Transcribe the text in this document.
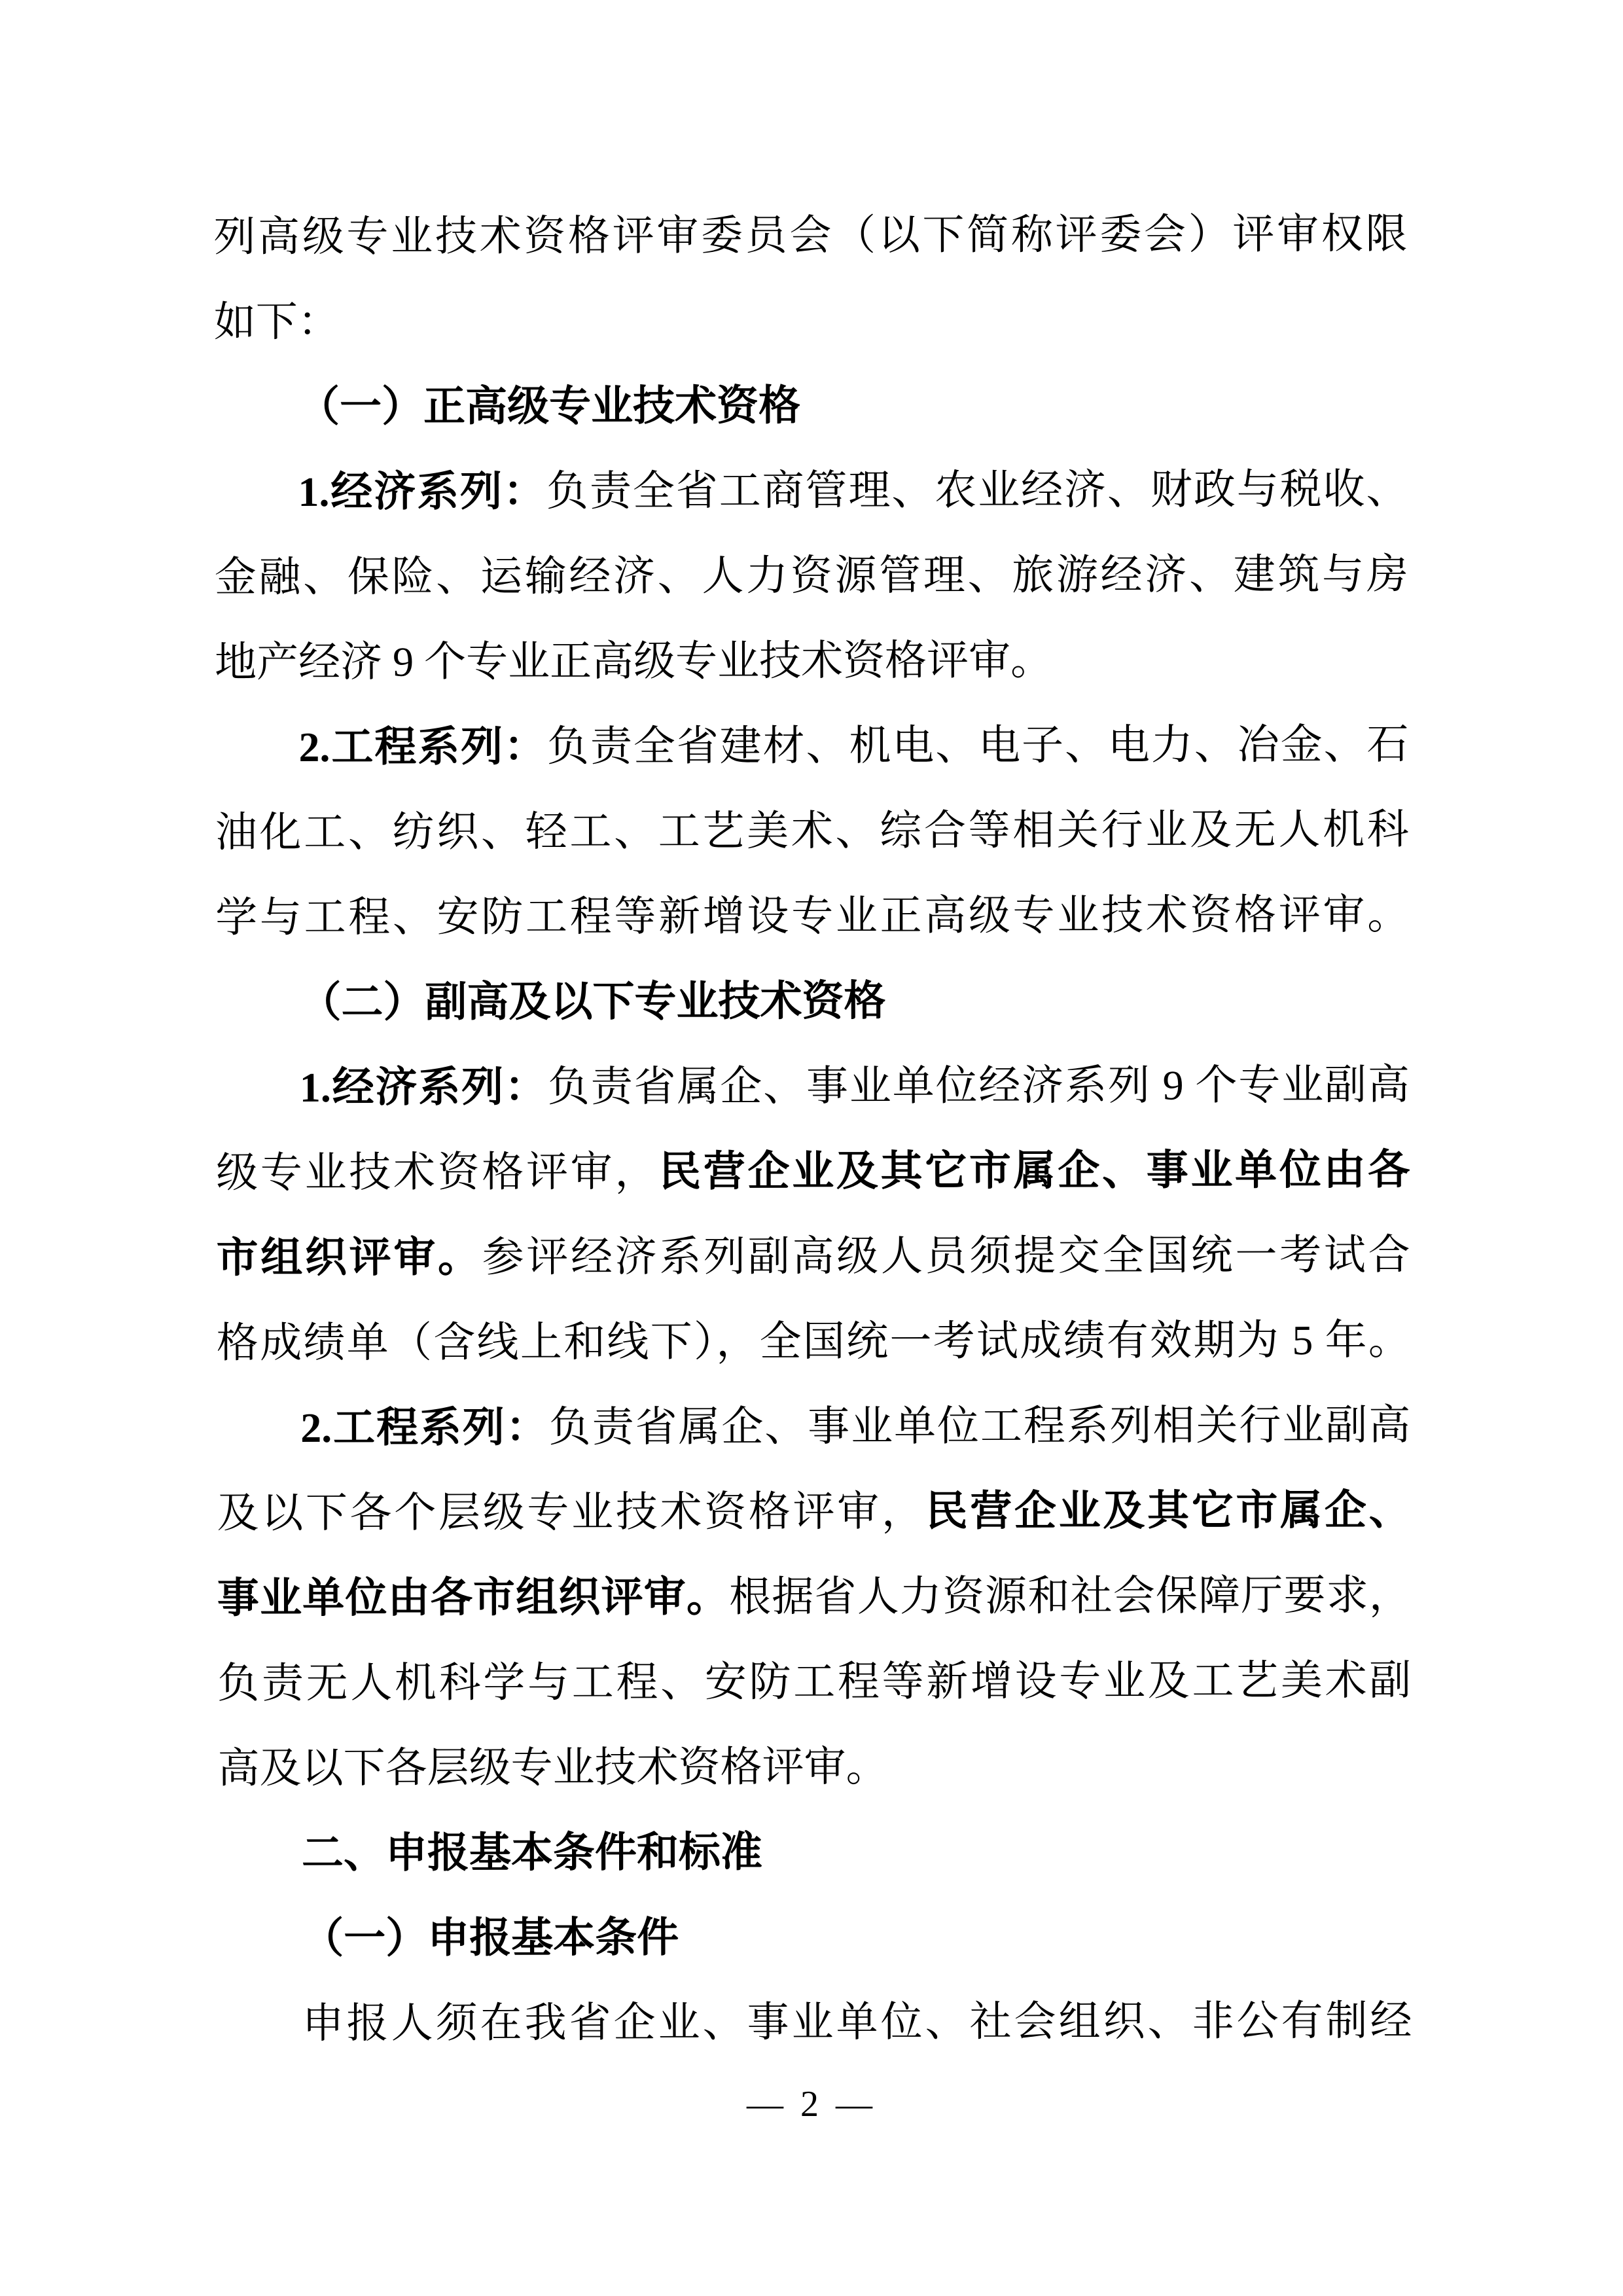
列高级专业技术资格评审委员会（以下简称评委会）评审权限
如下：
（一）正高级专业技术资格
1.经济系列：负责全省工商管理、农业经济、财政与税收、
金融、保险、运输经济、人力资源管理、旅游经济、建筑与房
地产经济 9 个专业正高级专业技术资格评审。
2.工程系列：负责全省建材、机电、电子、电力、冶金、石
油化工、纺织、轻工、工艺美术、综合等相关行业及无人机科
学与工程、安防工程等新增设专业正高级专业技术资格评审。
（二）副高及以下专业技术资格
1.经济系列：负责省属企、事业单位经济系列 9 个专业副高
级专业技术资格评审，民营企业及其它市属企、事业单位由各
市组织评审。参评经济系列副高级人员须提交全国统一考试合
格成绩单（含线上和线下），全国统一考试成绩有效期为 5 年。
2.工程系列：负责省属企、事业单位工程系列相关行业副高
及以下各个层级专业技术资格评审，民营企业及其它市属企、
事业单位由各市组织评审。根据省人力资源和社会保障厅要求，
负责无人机科学与工程、安防工程等新增设专业及工艺美术副
高及以下各层级专业技术资格评审。
二、申报基本条件和标准
（一）申报基本条件
申报人须在我省企业、事业单位、社会组织、非公有制经
— 2 —
